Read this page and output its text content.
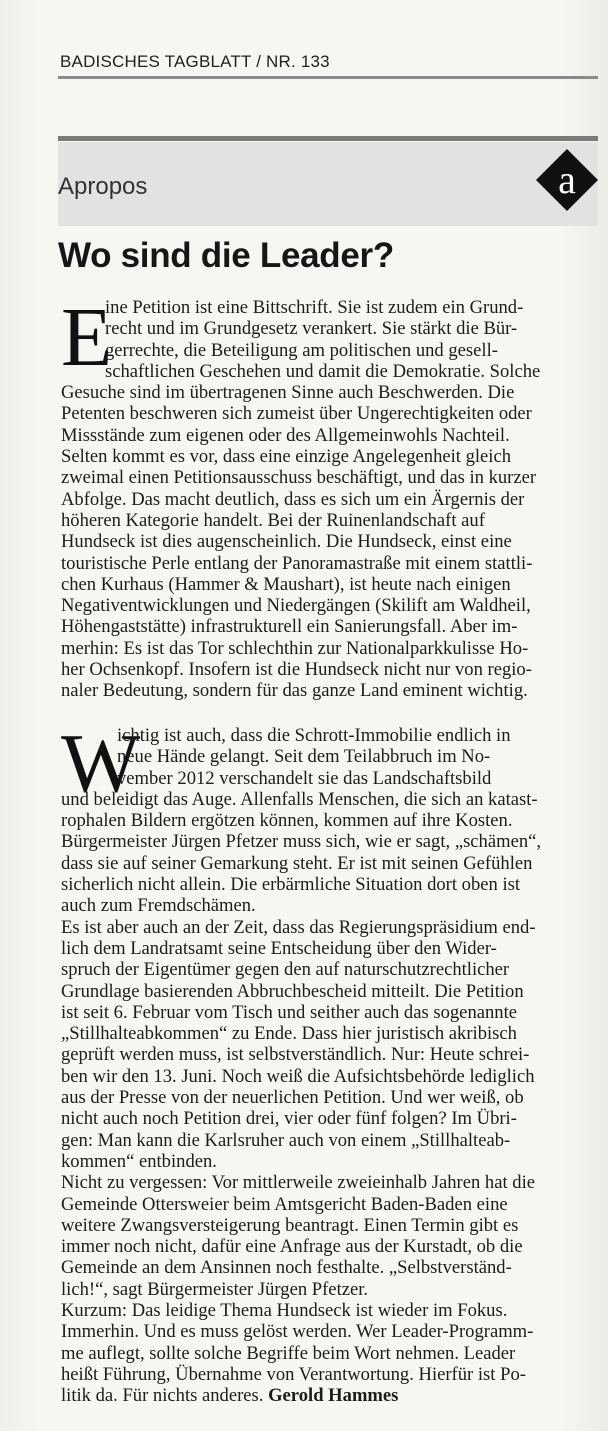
BADISCHES TAGBLATT / NR. 133
Apropos	a
Wo sind die Leader?
E
ine Petition ist eine Bittschrift. Sie ist zudem ein Grund-
recht und im Grundgesetz verankert. Sie stärkt die Bür-
gerrechte, die Beteiligung am politischen und gesell-
schaftlichen Geschehen und damit die Demokratie. Solche
Gesuche sind im übertragenen Sinne auch Beschwerden. Die
Petenten beschweren sich zumeist über Ungerechtigkeiten oder
Missstände zum eigenen oder des Allgemeinwohls Nachteil.
Selten kommt es vor, dass eine einzige Angelegenheit gleich
zweimal einen Petitionsausschuss beschäftigt, und das in kurzer
Abfolge. Das macht deutlich, dass es sich um ein Ärgernis der
höheren Kategorie handelt. Bei der Ruinenlandschaft auf
Hundseck ist dies augenscheinlich. Die Hundseck, einst eine
touristische Perle entlang der Panoramastraße mit einem stattli-
chen Kurhaus (Hammer & Maushart), ist heute nach einigen
Negativentwicklungen und Niedergängen (Skilift am Waldheil,
Höhengaststätte) infrastrukturell ein Sanierungsfall. Aber im-
merhin: Es ist das Tor schlechthin zur Nationalparkkulisse Ho-
her Ochsenkopf. Insofern ist die Hundseck nicht nur von regio-
naler Bedeutung, sondern für das ganze Land eminent wichtig.
W
ichtig ist auch, dass die Schrott-Immobilie endlich in
neue Hände gelangt. Seit dem Teilabbruch im No-
vember 2012 verschandelt sie das Landschaftsbild
und beleidigt das Auge. Allenfalls Menschen, die sich an katast-
rophalen Bildern ergötzen können, kommen auf ihre Kosten.
Bürgermeister Jürgen Pfetzer muss sich, wie er sagt, „schämen“,
dass sie auf seiner Gemarkung steht. Er ist mit seinen Gefühlen
sicherlich nicht allein. Die erbärmliche Situation dort oben ist
auch zum Fremdschämen.
Es ist aber auch an der Zeit, dass das Regierungspräsidium end-
lich dem Landratsamt seine Entscheidung über den Wider-
spruch der Eigentümer gegen den auf naturschutzrechtlicher
Grundlage basierenden Abbruchbescheid mitteilt. Die Petition
ist seit 6. Februar vom Tisch und seither auch das sogenannte
„Stillhalteabkommen“ zu Ende. Dass hier juristisch akribisch
geprüft werden muss, ist selbstverständlich. Nur: Heute schrei-
ben wir den 13. Juni. Noch weiß die Aufsichtsbehörde lediglich
aus der Presse von der neuerlichen Petition. Und wer weiß, ob
nicht auch noch Petition drei, vier oder fünf folgen? Im Übri-
gen: Man kann die Karlsruher auch von einem „Stillhalteab-
kommen“ entbinden.
Nicht zu vergessen: Vor mittlerweile zweieinhalb Jahren hat die
Gemeinde Ottersweier beim Amtsgericht Baden-Baden eine
weitere Zwangsversteigerung beantragt. Einen Termin gibt es
immer noch nicht, dafür eine Anfrage aus der Kurstadt, ob die
Gemeinde an dem Ansinnen noch festhalte. „Selbstverständ-
lich!“, sagt Bürgermeister Jürgen Pfetzer.
Kurzum: Das leidige Thema Hundseck ist wieder im Fokus.
Immerhin. Und es muss gelöst werden. Wer Leader-Programm-
me auflegt, sollte solche Begriffe beim Wort nehmen. Leader
heißt Führung, Übernahme von Verantwortung. Hierfür ist Po-
litik da. Für nichts anderes. Gerold Hammes
